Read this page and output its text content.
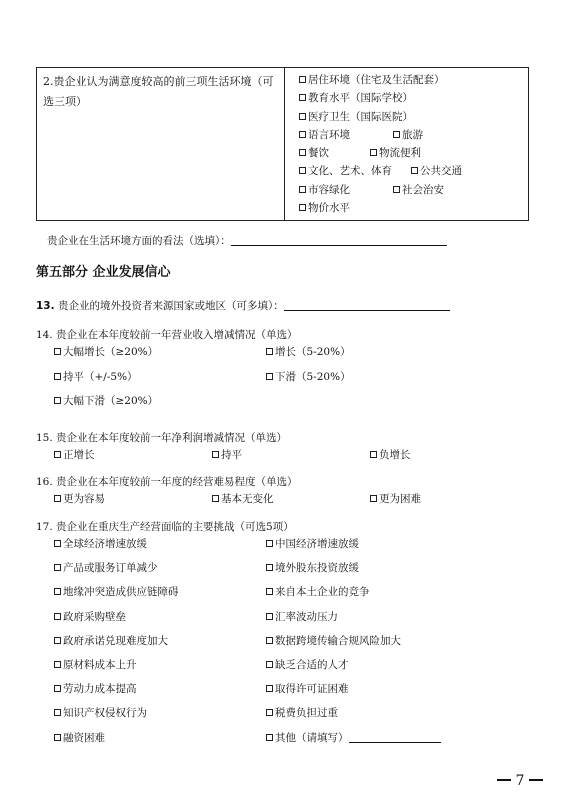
2.贵企业认为满意度较高的前三项生活环境（可选三项）	
居住环境（住宅及生活配套）
教育水平（国际学校）
医疗卫生（国际医院）
语言环境	旅游
餐饮	物流便利
文化、艺术、体育	公共交通
市容绿化	社会治安
物价水平
贵企业在生活环境方面的看法（选填）：
第五部分 企业发展信心
13. 贵企业的境外投资者来源国家或地区（可多填）：
14. 贵企业在本年度较前一年营业收入增减情况（单选）
大幅增长（≥20%）	增长（5-20%）
持平（+/-5%）	下滑（5-20%）
大幅下滑（≥20%）
15. 贵企业在本年度较前一年净利润增减情况（单选）
正增长	持平	负增长
16. 贵企业在本年度较前一年度的经营难易程度（单选）
更为容易	基本无变化	更为困难
17. 贵企业在重庆生产经营面临的主要挑战（可选5项）
全球经济增速放缓	中国经济增速放缓
产品或服务订单减少	境外股东投资放缓
地缘冲突造成供应链障碍	来自本土企业的竞争
政府采购壁垒	汇率波动压力
政府承诺兑现难度加大	数据跨境传输合规风险加大
原材料成本上升	缺乏合适的人才
劳动力成本提高	取得许可证困难
知识产权侵权行为	税费负担过重
融资困难	其他（请填写）
7
